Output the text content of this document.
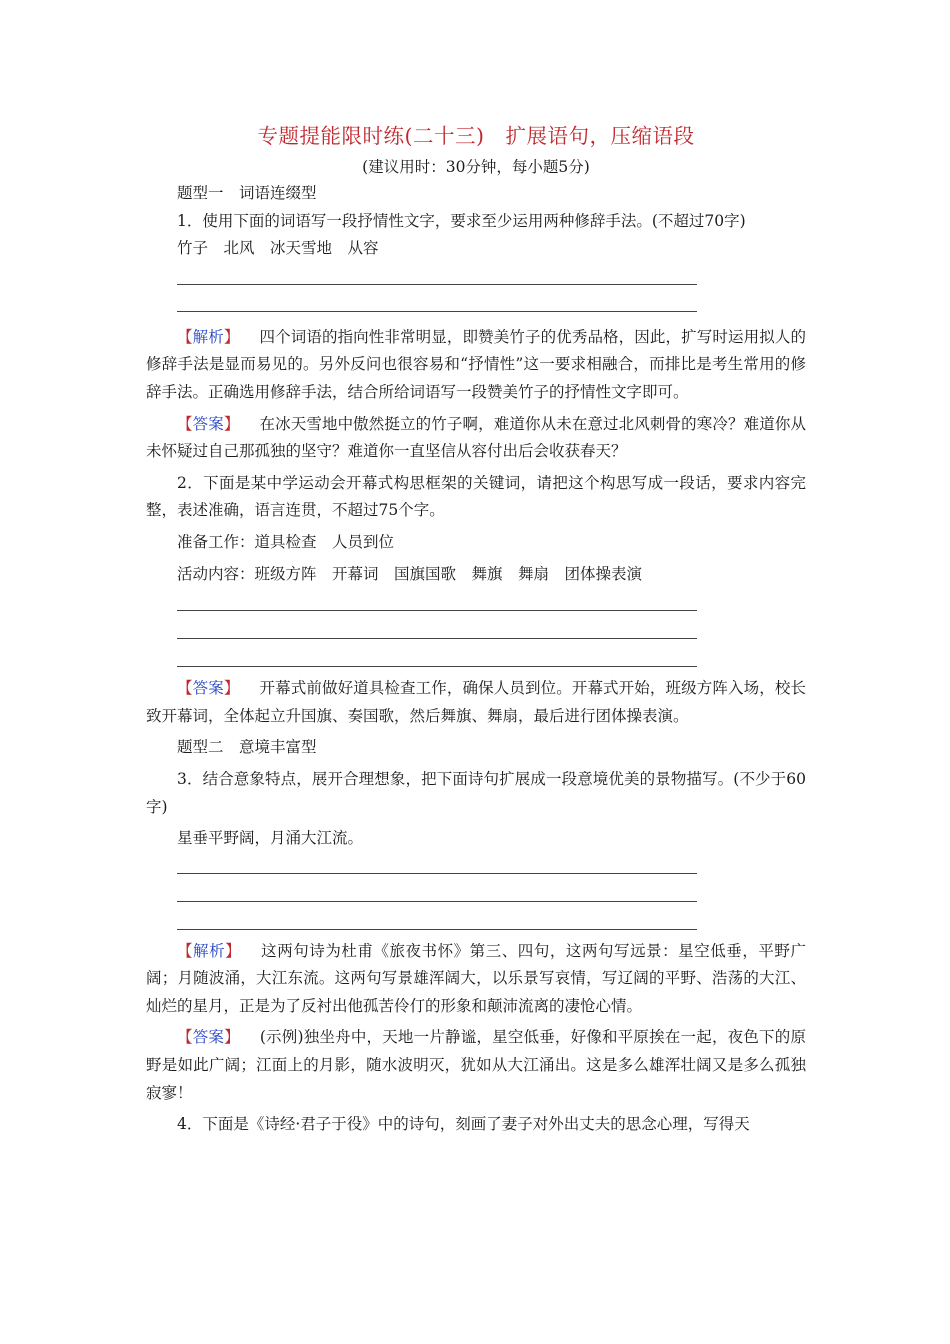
专题提能限时练(二十三)　扩展语句，压缩语段
(建议用时：30分钟，每小题5分)

题型一　词语连缀型

1．使用下面的词语写一段抒情性文字，要求至少运用两种修辞手法。(不超过70字)

竹子　北风　冰天雪地　从容

【解析】 四个词语的指向性非常明显，即赞美竹子的优秀品格，因此，扩写时运用拟人的修辞手法是显而易见的。另外反问也很容易和“抒情性”这一要求相融合，而排比是考生常用的修辞手法。正确选用修辞手法，结合所给词语写一段赞美竹子的抒情性文字即可。

【答案】 在冰天雪地中傲然挺立的竹子啊，难道你从未在意过北风刺骨的寒冷？难道你从未怀疑过自己那孤独的坚守？难道你一直坚信从容付出后会收获春天？

2．下面是某中学运动会开幕式构思框架的关键词，请把这个构思写成一段话，要求内容完整，表述准确，语言连贯，不超过75个字。

准备工作：道具检查　人员到位

活动内容：班级方阵　开幕词　国旗国歌　舞旗　舞扇　团体操表演

【答案】 开幕式前做好道具检查工作，确保人员到位。开幕式开始，班级方阵入场，校长致开幕词，全体起立升国旗、奏国歌，然后舞旗、舞扇，最后进行团体操表演。

题型二　意境丰富型

3．结合意象特点，展开合理想象，把下面诗句扩展成一段意境优美的景物描写。(不少于60字)

星垂平野阔，月涌大江流。

【解析】 这两句诗为杜甫《旅夜书怀》第三、四句，这两句写远景：星空低垂，平野广阔；月随波涌，大江东流。这两句写景雄浑阔大，以乐景写哀情，写辽阔的平野、浩荡的大江、灿烂的星月，正是为了反衬出他孤苦伶仃的形象和颠沛流离的凄怆心情。

【答案】 (示例)独坐舟中，天地一片静谧，星空低垂，好像和平原挨在一起，夜色下的原野是如此广阔；江面上的月影，随水波明灭，犹如从大江涌出。这是多么雄浑壮阔又是多么孤独寂寥！

4．下面是《诗经·君子于役》中的诗句，刻画了妻子对外出丈夫的思念心理，写得天
